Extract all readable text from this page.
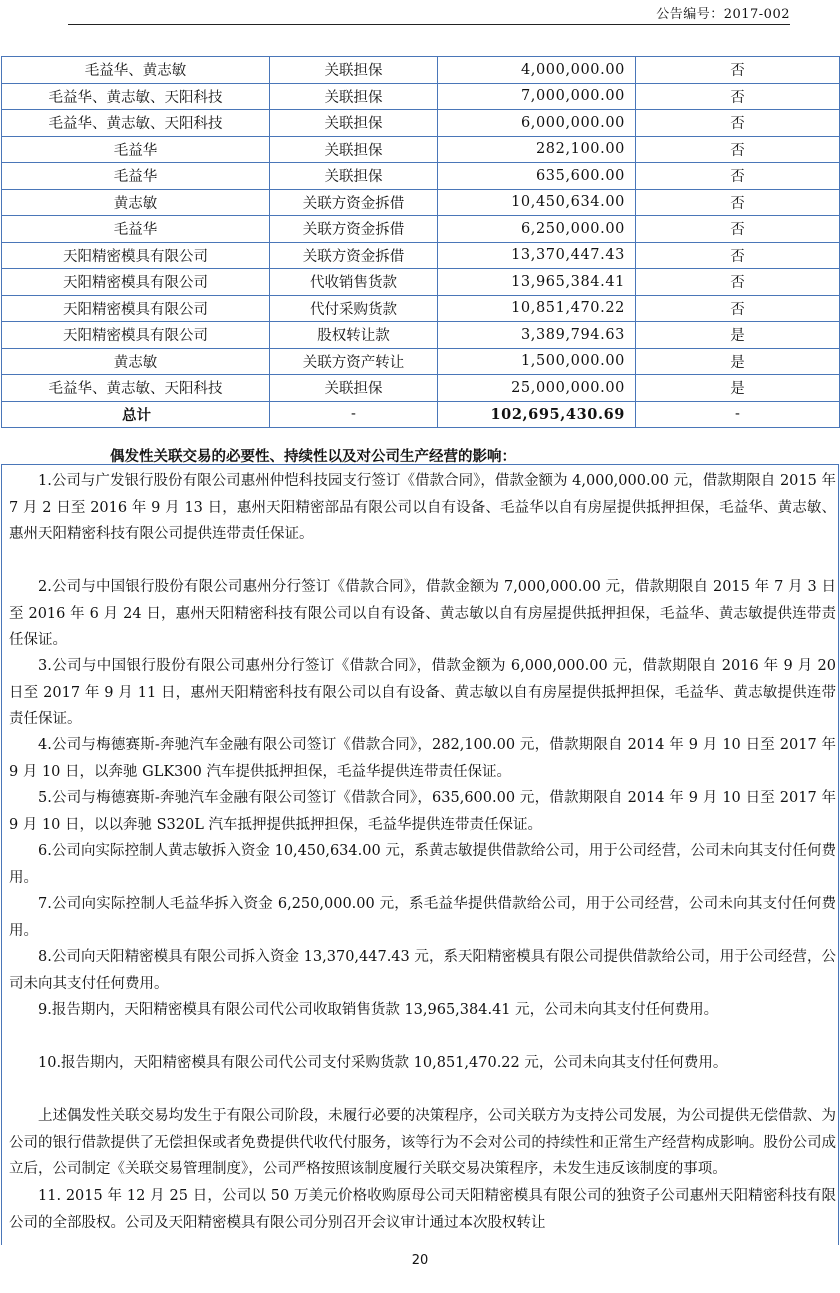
公告编号：2017-002
毛益华、黄志敏	关联担保	4,000,000.00	否
毛益华、黄志敏、天阳科技	关联担保	7,000,000.00	否
毛益华、黄志敏、天阳科技	关联担保	6,000,000.00	否
毛益华	关联担保	282,100.00	否
毛益华	关联担保	635,600.00	否
黄志敏	关联方资金拆借	10,450,634.00	否
毛益华	关联方资金拆借	6,250,000.00	否
天阳精密模具有限公司	关联方资金拆借	13,370,447.43	否
天阳精密模具有限公司	代收销售货款	13,965,384.41	否
天阳精密模具有限公司	代付采购货款	10,851,470.22	否
天阳精密模具有限公司	股权转让款	3,389,794.63	是
黄志敏	关联方资产转让	1,500,000.00	是
毛益华、黄志敏、天阳科技	关联担保	25,000,000.00	是
总计	-	102,695,430.69	-
偶发性关联交易的必要性、持续性以及对公司生产经营的影响：
1.公司与广发银行股份有限公司惠州仲恺科技园支行签订《借款合同》，借款金额为 4,000,000.00 元，借款期限自 2015 年 7 月 2 日至 2016 年 9 月 13 日，惠州天阳精密部品有限公司以自有设备、毛益华以自有房屋提供抵押担保，毛益华、黄志敏、惠州天阳精密科技有限公司提供连带责任保证。
2.公司与中国银行股份有限公司惠州分行签订《借款合同》，借款金额为 7,000,000.00 元，借款期限自 2015 年 7 月 3 日至 2016 年 6 月 24 日，惠州天阳精密科技有限公司以自有设备、黄志敏以自有房屋提供抵押担保，毛益华、黄志敏提供连带责任保证。
3.公司与中国银行股份有限公司惠州分行签订《借款合同》，借款金额为 6,000,000.00 元，借款期限自 2016 年 9 月 20 日至 2017 年 9 月 11 日，惠州天阳精密科技有限公司以自有设备、黄志敏以自有房屋提供抵押担保，毛益华、黄志敏提供连带责任保证。
4.公司与梅德赛斯-奔驰汽车金融有限公司签订《借款合同》，282,100.00 元，借款期限自 2014 年 9 月 10 日至 2017 年 9 月 10 日，以奔驰 GLK300 汽车提供抵押担保，毛益华提供连带责任保证。
5.公司与梅德赛斯-奔驰汽车金融有限公司签订《借款合同》，635,600.00 元，借款期限自 2014 年 9 月 10 日至 2017 年 9 月 10 日，以以奔驰 S320L 汽车抵押提供抵押担保，毛益华提供连带责任保证。
6.公司向实际控制人黄志敏拆入资金 10,450,634.00 元，系黄志敏提供借款给公司，用于公司经营，公司未向其支付任何费用。
7.公司向实际控制人毛益华拆入资金 6,250,000.00 元，系毛益华提供借款给公司，用于公司经营，公司未向其支付任何费用。
8.公司向天阳精密模具有限公司拆入资金 13,370,447.43 元，系天阳精密模具有限公司提供借款给公司，用于公司经营，公司未向其支付任何费用。
9.报告期内，天阳精密模具有限公司代公司收取销售货款 13,965,384.41 元，公司未向其支付任何费用。
10.报告期内，天阳精密模具有限公司代公司支付采购货款 10,851,470.22 元，公司未向其支付任何费用。
上述偶发性关联交易均发生于有限公司阶段，未履行必要的决策程序，公司关联方为支持公司发展，为公司提供无偿借款、为公司的银行借款提供了无偿担保或者免费提供代收代付服务，该等行为不会对公司的持续性和正常生产经营构成影响。股份公司成立后，公司制定《关联交易管理制度》，公司严格按照该制度履行关联交易决策程序，未发生违反该制度的事项。
11. 2015 年 12 月 25 日，公司以 50 万美元价格收购原母公司天阳精密模具有限公司的独资子公司惠州天阳精密科技有限公司的全部股权。公司及天阳精密模具有限公司分别召开会议审计通过本次股权转让
20
